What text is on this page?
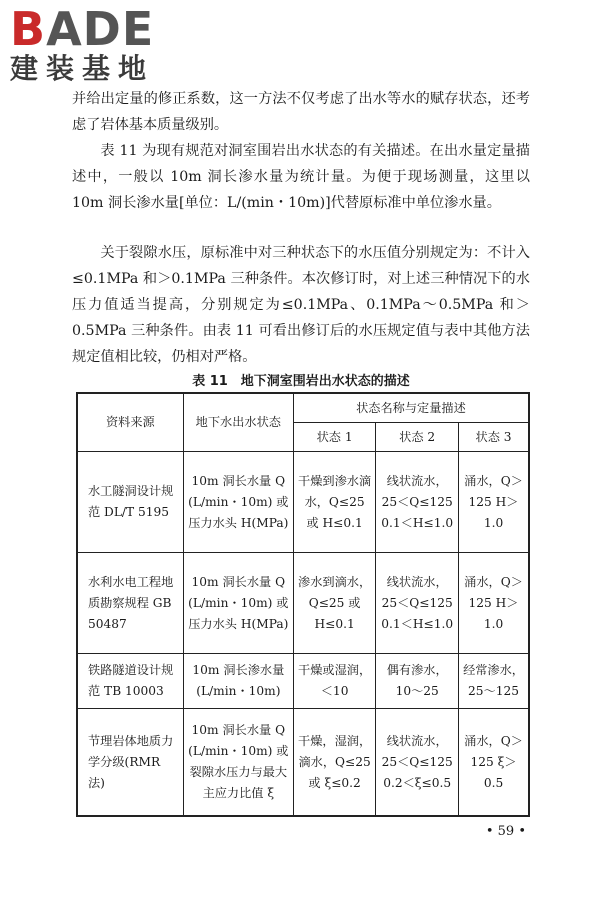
BADE
建装基地

并给出定量的修正系数，这一方法不仅考虑了出水等水的赋存状态，还考虑了岩体基本质量级别。

表 11 为现有规范对洞室围岩出水状态的有关描述。在出水量定量描述中，一般以 10m 洞长渗水量为统计量。为便于现场测量，这里以 10m 洞长渗水量[单位：L/(min・10m)]代替原标准中单位渗水量。

关于裂隙水压，原标准中对三种状态下的水压值分别规定为：不计入≤0.1MPa 和＞0.1MPa 三种条件。本次修订时，对上述三种情况下的水压力值适当提高，分别规定为≤0.1MPa、0.1MPa～0.5MPa 和＞0.5MPa 三种条件。由表 11 可看出修订后的水压规定值与表中其他方法规定值相比较，仍相对严格。

表 11　地下洞室围岩出水状态的描述
资料来源	地下水出水状态	状态名称与定量描述		
		状态 1	状态 2	状态 3
水工隧洞设计规范 DL/T 5195	10m 洞长水量 Q (L/min・10m) 或压力水头 H(MPa)	干燥到渗水滴水，Q≤25 或 H≤0.1	线状流水，25＜Q≤125 0.1＜H≤1.0	涌水，Q＞125 H＞1.0
水利水电工程地质勘察规程 GB 50487	10m 洞长水量 Q (L/min・10m) 或压力水头 H(MPa)	渗水到滴水，Q≤25 或 H≤0.1	线状流水，25＜Q≤125 0.1＜H≤1.0	涌水，Q＞125 H＞1.0
铁路隧道设计规范 TB 10003	10m 洞长渗水量 (L/min・10m)	干燥或湿润，＜10	偶有渗水，10～25	经常渗水，25～125
节理岩体地质力学分级(RMR 法)	10m 洞长水量 Q (L/min・10m) 或裂隙水压力与最大主应力比值 ξ	干燥，湿润，滴水，Q≤25 或 ξ≤0.2	线状流水，25＜Q≤125 0.2＜ξ≤0.5	涌水，Q＞125 ξ＞0.5
• 59 •
